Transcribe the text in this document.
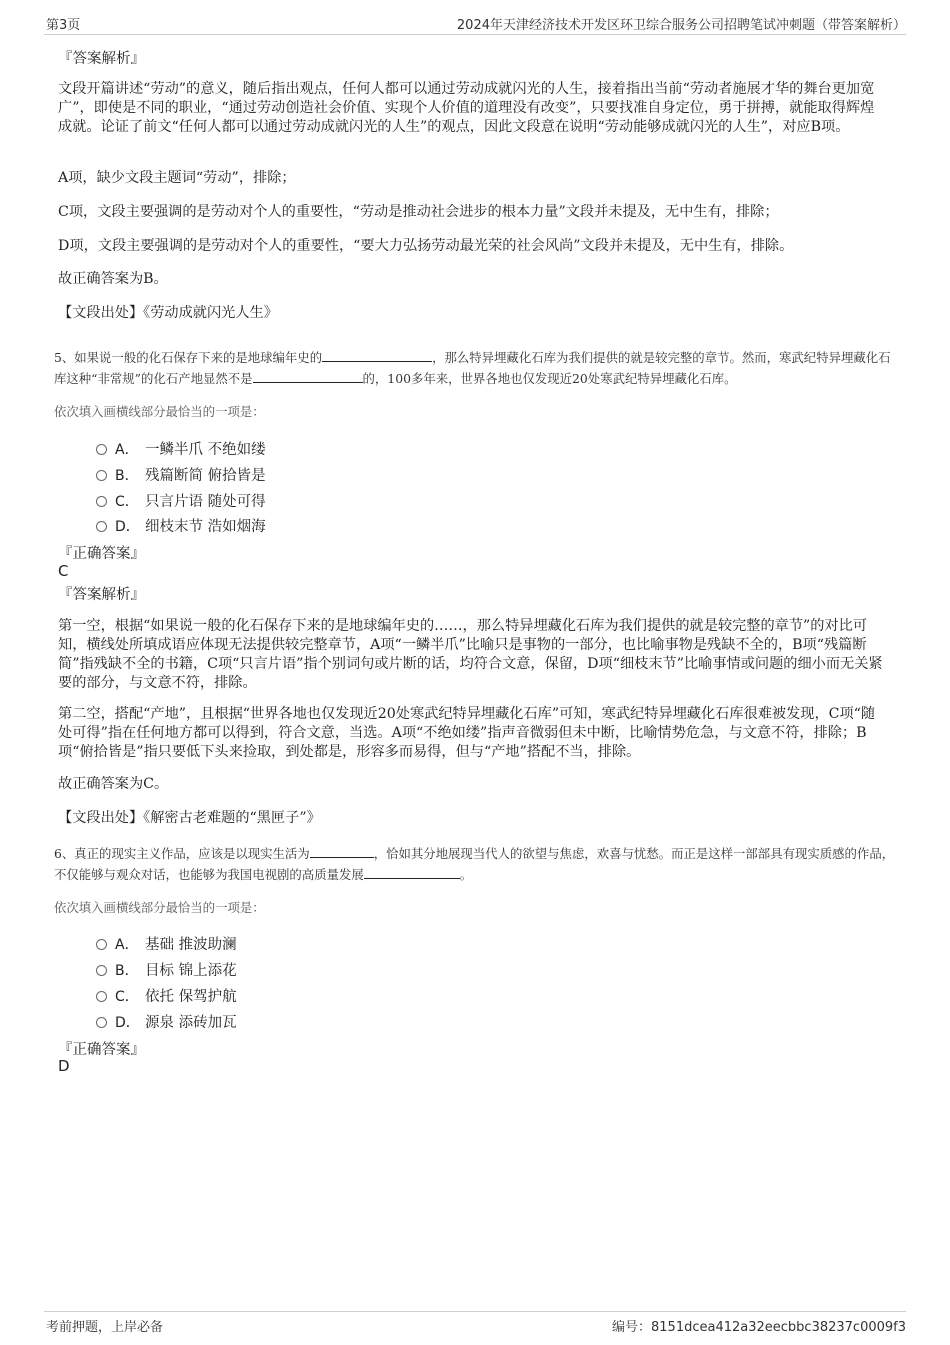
第3页	2024年天津经济技术开发区环卫综合服务公司招聘笔试冲刺题（带答案解析）
『答案解析』
文段开篇讲述“劳动”的意义，随后指出观点，任何人都可以通过劳动成就闪光的人生，接着指出当前“劳动者施展才华的舞台更加宽广”，即使是不同的职业，“通过劳动创造社会价值、实现个人价值的道理没有改变”，只要找准自身定位，勇于拼搏，就能取得辉煌成就。论证了前文“任何人都可以通过劳动成就闪光的人生”的观点，因此文段意在说明“劳动能够成就闪光的人生”，对应B项。
A项，缺少文段主题词“劳动”，排除；
C项，文段主要强调的是劳动对个人的重要性，“劳动是推动社会进步的根本力量”文段并未提及，无中生有，排除；
D项，文段主要强调的是劳动对个人的重要性，“要大力弘扬劳动最光荣的社会风尚”文段并未提及，无中生有，排除。
故正确答案为B。
【文段出处】《劳动成就闪光人生》
5、如果说一般的化石保存下来的是地球编年史的	，那么特异埋藏化石库为我们提供的就是较完整的章节。然而，寒武纪特异埋藏化石库这种“非常规”的化石产地显然不是	的，100多年来，世界各地也仅发现近20处寒武纪特异埋藏化石库。
依次填入画横线部分最恰当的一项是：
A． 一鳞半爪 不绝如缕
B． 残篇断简 俯拾皆是
C． 只言片语 随处可得
D． 细枝末节 浩如烟海
『正确答案』
C
『答案解析』
第一空，根据“如果说一般的化石保存下来的是地球编年史的……，那么特异埋藏化石库为我们提供的就是较完整的章节”的对比可知，横线处所填成语应体现无法提供较完整章节，A项“一鳞半爪”比喻只是事物的一部分，也比喻事物是残缺不全的，B项“残篇断简”指残缺不全的书籍，C项“只言片语”指个别词句或片断的话，均符合文意，保留，D项“细枝末节”比喻事情或问题的细小而无关紧要的部分，与文意不符，排除。
第二空，搭配“产地”，且根据“世界各地也仅发现近20处寒武纪特异埋藏化石库”可知，寒武纪特异埋藏化石库很难被发现，C项“随处可得”指在任何地方都可以得到，符合文意，当选。A项“不绝如缕”指声音微弱但未中断，比喻情势危急，与文意不符，排除；B项“俯拾皆是”指只要低下头来捡取，到处都是，形容多而易得，但与“产地”搭配不当，排除。
故正确答案为C。
【文段出处】《解密古老难题的“黑匣子”》
6、真正的现实主义作品，应该是以现实生活为	，恰如其分地展现当代人的欲望与焦虑，欢喜与忧愁。而正是这样一部部具有现实质感的作品，不仅能够与观众对话，也能够为我国电视剧的高质量发展	。
依次填入画横线部分最恰当的一项是：
A． 基础 推波助澜
B． 目标 锦上添花
C． 依托 保驾护航
D． 源泉 添砖加瓦
『正确答案』
D
考前押题，上岸必备	编号：8151dcea412a32eecbbc38237c0009f3
